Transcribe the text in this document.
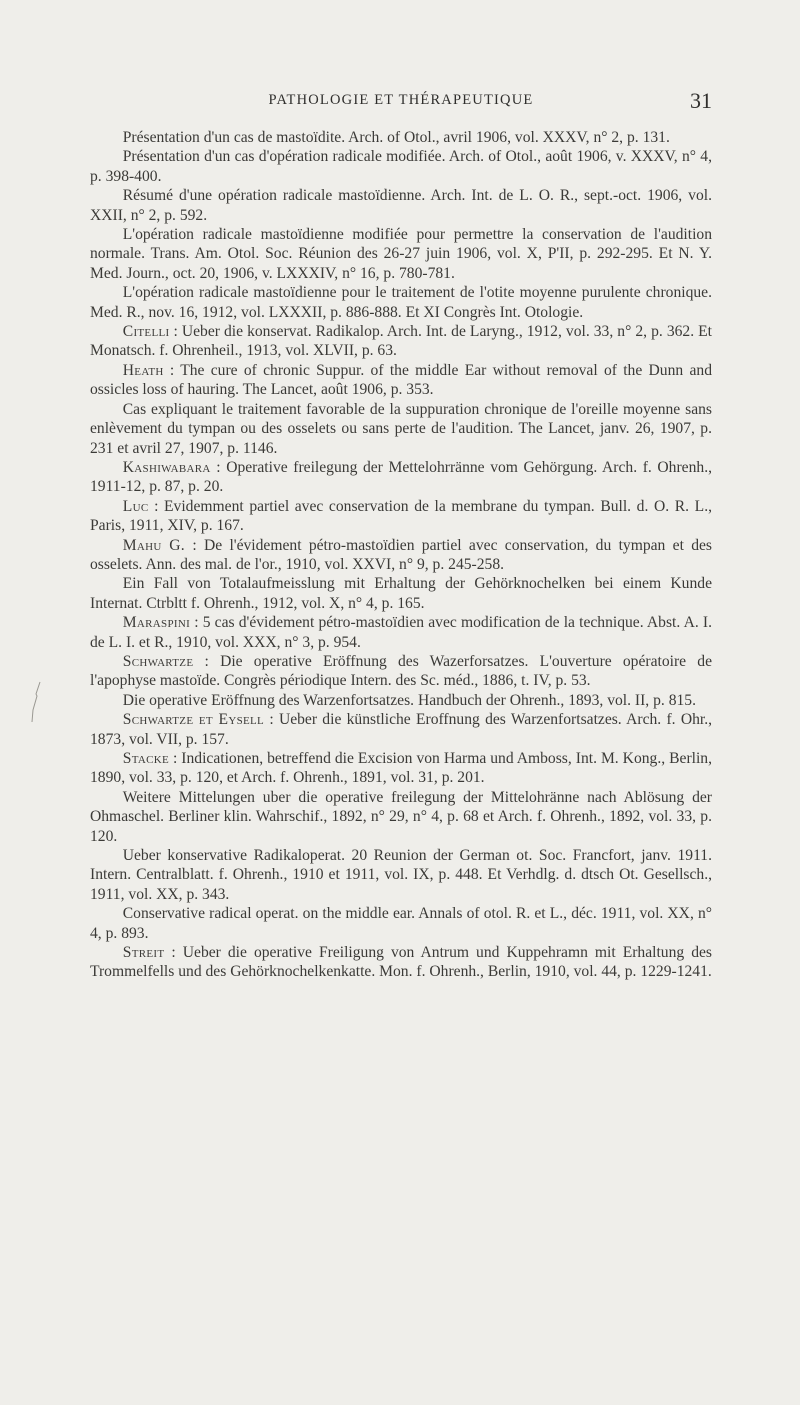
PATHOLOGIE ET THÉRAPEUTIQUE	31

Présentation d'un cas de mastoïdite. Arch. of Otol., avril 1906, vol. XXXV, n° 2, p. 131.

Présentation d'un cas d'opération radicale modifiée. Arch. of Otol., août 1906, v. XXXV, n° 4, p. 398-400.

Résumé d'une opération radicale mastoïdienne. Arch. Int. de L. O. R., sept.-oct. 1906, vol. XXII, n° 2, p. 592.

L'opération radicale mastoïdienne modifiée pour permettre la conservation de l'audition normale. Trans. Am. Otol. Soc. Réunion des 26-27 juin 1906, vol. X, P'II, p. 292-295. Et N. Y. Med. Journ., oct. 20, 1906, v. LXXXIV, n° 16, p. 780-781.

L'opération radicale mastoïdienne pour le traitement de l'otite moyenne purulente chronique. Med. R., nov. 16, 1912, vol. LXXXII, p. 886-888. Et XI Congrès Int. Otologie.

Citelli : Ueber die konservat. Radikalop. Arch. Int. de Laryng., 1912, vol. 33, n° 2, p. 362. Et Monatsch. f. Ohrenheil., 1913, vol. XLVII, p. 63.

Heath : The cure of chronic Suppur. of the middle Ear without removal of the Dunn and ossicles loss of hauring. The Lancet, août 1906, p. 353.

Cas expliquant le traitement favorable de la suppuration chronique de l'oreille moyenne sans enlèvement du tympan ou des osselets ou sans perte de l'audition. The Lancet, janv. 26, 1907, p. 231 et avril 27, 1907, p. 1146.

Kashiwabara : Operative freilegung der Mettelohrränne vom Gehörgung. Arch. f. Ohrenh., 1911-12, p. 87, p. 20.

Luc : Evidemment partiel avec conservation de la membrane du tympan. Bull. d. O. R. L., Paris, 1911, XIV, p. 167.

Mahu G. : De l'évidement pétro-mastoïdien partiel avec conservation, du tympan et des osselets. Ann. des mal. de l'or., 1910, vol. XXVI, n° 9, p. 245-258.

Ein Fall von Totalaufmeisslung mit Erhaltung der Gehörknochelken bei einem Kunde Internat. Ctrbltt f. Ohrenh., 1912, vol. X, n° 4, p. 165.

Maraspini : 5 cas d'évidement pétro-mastoïdien avec modification de la technique. Abst. A. I. de L. I. et R., 1910, vol. XXX, n° 3, p. 954.

Schwartze : Die operative Eröffnung des Wazerforsatzes. L'ouverture opératoire de l'apophyse mastoïde. Congrès périodique Intern. des Sc. méd., 1886, t. IV, p. 53.

Die operative Eröffnung des Warzenfortsatzes. Handbuch der Ohrenh., 1893, vol. II, p. 815.

Schwartze et Eysell : Ueber die künstliche Eroffnung des Warzenfortsatzes. Arch. f. Ohr., 1873, vol. VII, p. 157.

Stacke : Indicationen, betreffend die Excision von Harma und Amboss, Int. M. Kong., Berlin, 1890, vol. 33, p. 120, et Arch. f. Ohrenh., 1891, vol. 31, p. 201.

Weitere Mittelungen uber die operative freilegung der Mittelohränne nach Ablösung der Ohmaschel. Berliner klin. Wahrschif., 1892, n° 29, n° 4, p. 68 et Arch. f. Ohrenh., 1892, vol. 33, p. 120.

Ueber konservative Radikaloperat. 20 Reunion der German ot. Soc. Francfort, janv. 1911. Intern. Centralblatt. f. Ohrenh., 1910 et 1911, vol. IX, p. 448. Et Verhdlg. d. dtsch Ot. Gesellsch., 1911, vol. XX, p. 343.

Conservative radical operat. on the middle ear. Annals of otol. R. et L., déc. 1911, vol. XX, n° 4, p. 893.

Streit : Ueber die operative Freiligung von Antrum und Kuppehramn mit Erhaltung des Trommelfells und des Gehörknochelkenkatte. Mon. f. Ohrenh., Berlin, 1910, vol. 44, p. 1229-1241.
